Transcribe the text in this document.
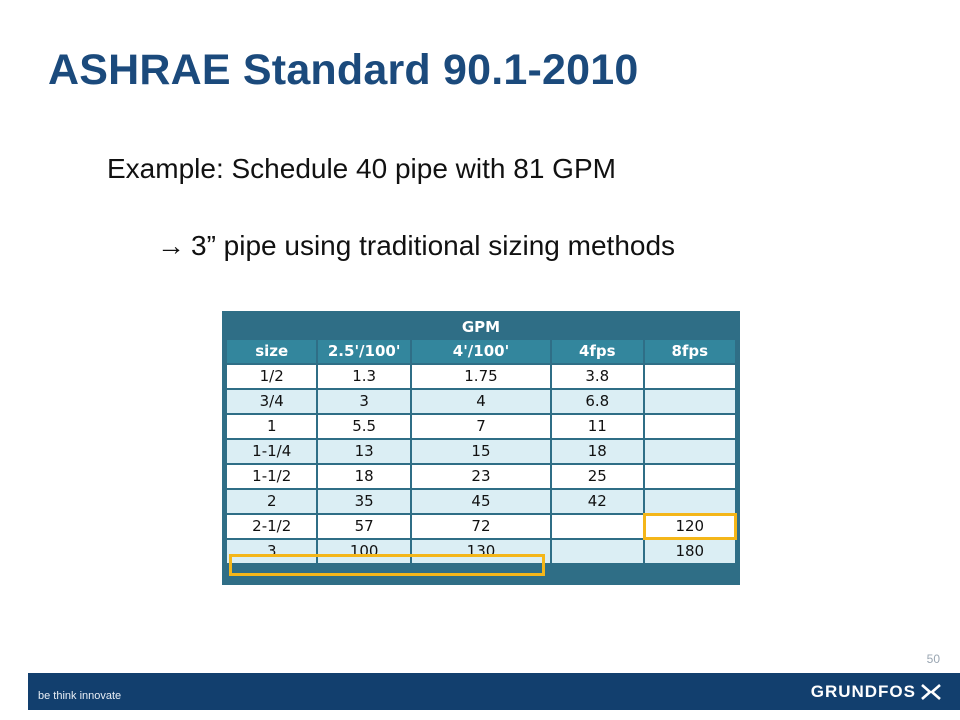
ASHRAE Standard 90.1-2010
Example: Schedule 40 pipe with 81 GPM
→ 3” pipe using traditional sizing methods
GPM				
size	2.5'/100'	4'/100'	4fps	8fps
1/2	1.3	1.75	3.8	
3/4	3	4	6.8	
1	5.5	7	11	
1-1/4	13	15	18	
1-1/2	18	23	25	
2	35	45	42	
2-1/2	57	72		120
3	100	130		180
50
be think innovate	GRUNDFOS
